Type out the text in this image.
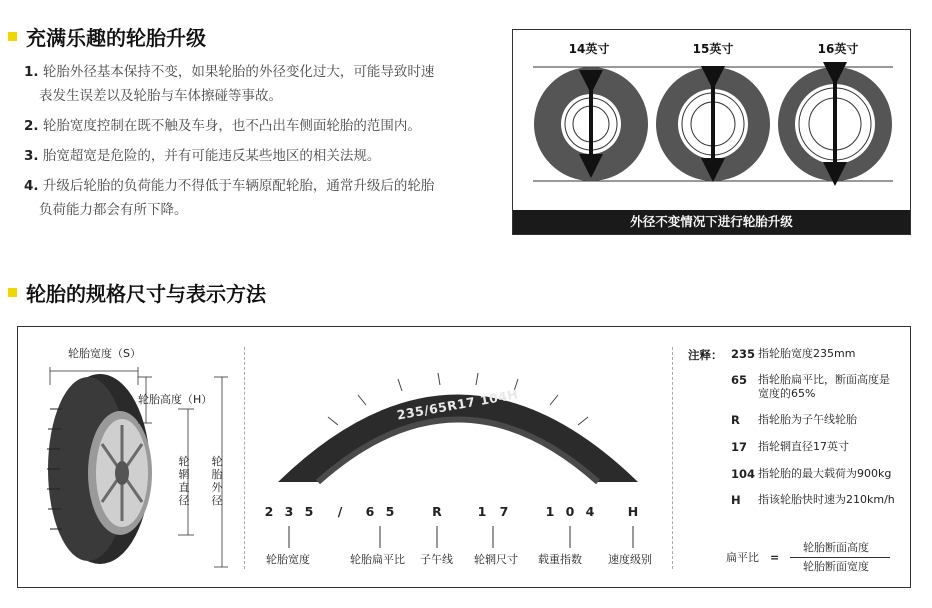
充满乐趣的轮胎升级
1. 轮胎外径基本保持不变，如果轮胎的外径变化过大，可能导致时速
表发生误差以及轮胎与车体擦碰等事故。
2. 轮胎宽度控制在既不触及车身，也不凸出车侧面轮胎的范围内。
3. 胎宽超宽是危险的，并有可能违反某些地区的相关法规。
4. 升级后轮胎的负荷能力不得低于车辆原配轮胎，通常升级后的轮胎
负荷能力都会有所下降。
14英寸	15英寸	16英寸
外径不变情况下进行轮胎升级
轮胎的规格尺寸与表示方法
轮胎宽度（S）
轮胎高度（H）
轮辋直径
轮胎外径
235/65R17 104H
2 3 5	/	6 5	R	1 7	1 0 4	H
轮胎宽度	轮胎扁平比 子午线 轮辋尺寸 载重指数 速度级别
注释： 235 指轮胎宽度235mm
65 指轮胎扁平比，断面高度是
宽度的65%
R 指轮胎为子午线轮胎
17 指轮辋直径17英寸
104 指轮胎的最大载荷为900kg
H 指该轮胎快时速为210km/h
扁平比 =
轮胎断面高度
轮胎断面宽度
